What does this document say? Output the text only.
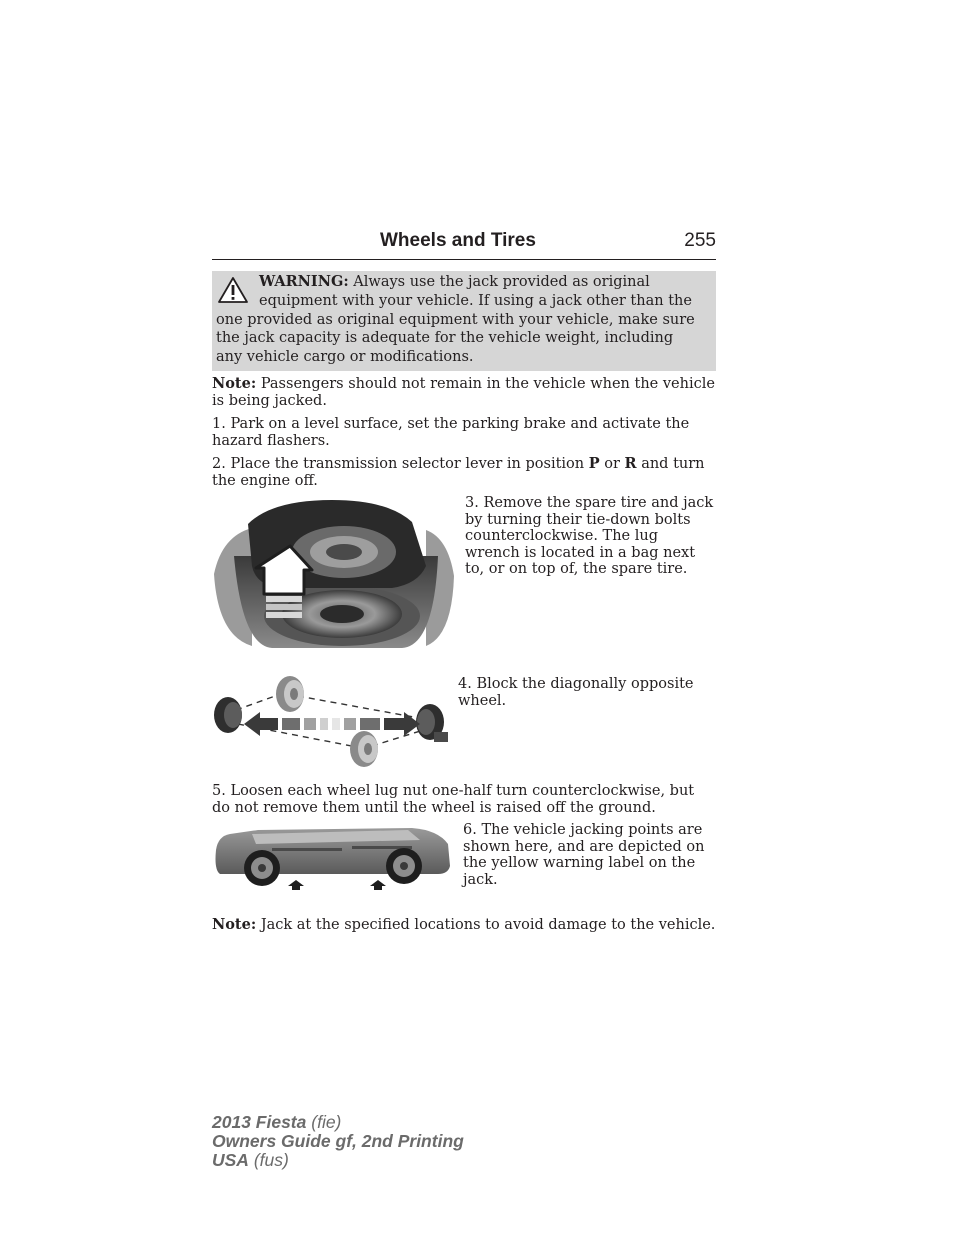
Wheels and Tires	255
WARNING: Always use the jack provided as original equipment with your vehicle. If using a jack other than the one provided as original equipment with your vehicle, make sure the jack capacity is adequate for the vehicle weight, including any vehicle cargo or modifications.
Note: Passengers should not remain in the vehicle when the vehicle is being jacked.
1. Park on a level surface, set the parking brake and activate the hazard flashers.
2. Place the transmission selector lever in position P or R and turn the engine off.
3. Remove the spare tire and jack by turning their tie-down bolts counterclockwise. The lug wrench is located in a bag next to, or on top of, the spare tire.
4. Block the diagonally opposite wheel.
5. Loosen each wheel lug nut one-half turn counterclockwise, but do not remove them until the wheel is raised off the ground.
6. The vehicle jacking points are shown here, and are depicted on the yellow warning label on the jack.
Note: Jack at the specified locations to avoid damage to the vehicle.
2013 Fiesta (fie)
Owners Guide gf, 2nd Printing
USA (fus)
